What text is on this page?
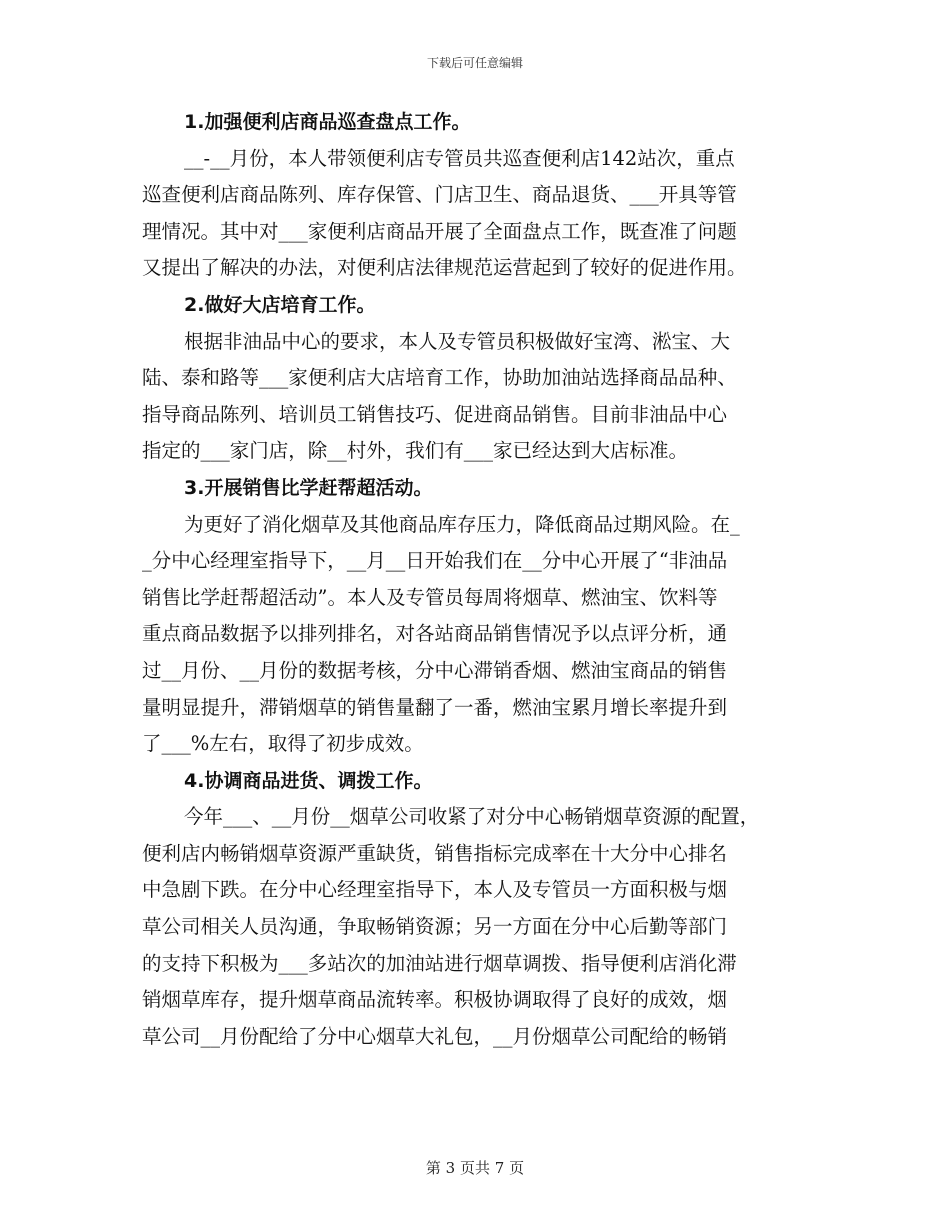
下载后可任意编辑
1.加强便利店商品巡查盘点工作。
__-__月份，本人带领便利店专管员共巡查便利店142站次，重点
巡查便利店商品陈列、库存保管、门店卫生、商品退货、___开具等管
理情况。其中对___家便利店商品开展了全面盘点工作，既查准了问题
又提出了解决的办法，对便利店法律规范运营起到了较好的促进作用。
2.做好大店培育工作。
根据非油品中心的要求，本人及专管员积极做好宝湾、淞宝、大
陆、泰和路等___家便利店大店培育工作，协助加油站选择商品品种、
指导商品陈列、培训员工销售技巧、促进商品销售。目前非油品中心
指定的___家门店，除__村外，我们有___家已经达到大店标准。
3.开展销售比学赶帮超活动。
为更好了消化烟草及其他商品库存压力，降低商品过期风险。在_
_分中心经理室指导下，__月__日开始我们在__分中心开展了“非油品
销售比学赶帮超活动”。本人及专管员每周将烟草、燃油宝、饮料等
重点商品数据予以排列排名，对各站商品销售情况予以点评分析，通
过__月份、__月份的数据考核，分中心滞销香烟、燃油宝商品的销售
量明显提升，滞销烟草的销售量翻了一番，燃油宝累月增长率提升到
了___%左右，取得了初步成效。
4.协调商品进货、调拨工作。
今年___、__月份__烟草公司收紧了对分中心畅销烟草资源的配置，
便利店内畅销烟草资源严重缺货，销售指标完成率在十大分中心排名
中急剧下跌。在分中心经理室指导下，本人及专管员一方面积极与烟
草公司相关人员沟通，争取畅销资源；另一方面在分中心后勤等部门
的支持下积极为___多站次的加油站进行烟草调拨、指导便利店消化滞
销烟草库存，提升烟草商品流转率。积极协调取得了良好的成效，烟
草公司__月份配给了分中心烟草大礼包，__月份烟草公司配给的畅销
第 3 页共 7 页
